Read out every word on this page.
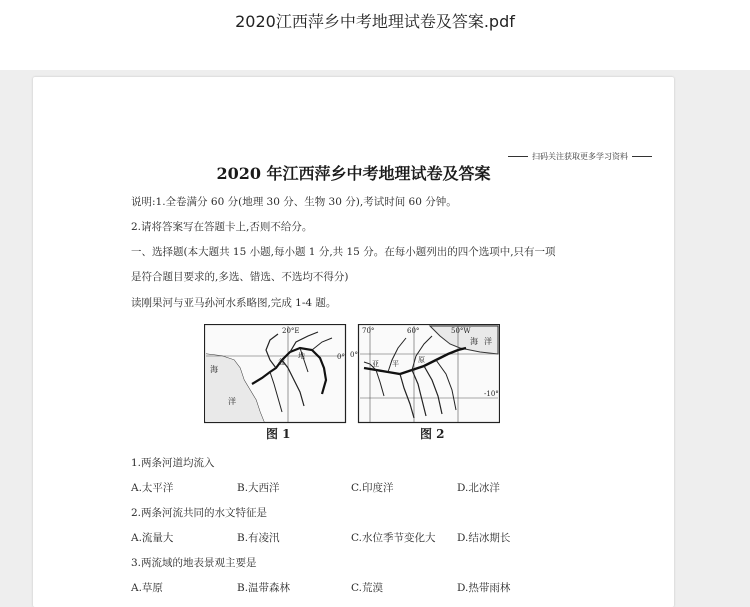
2020江西萍乡中考地理试卷及答案.pdf
扫码关注获取更多学习资料
2020 年江西萍乡中考地理试卷及答案
说明:1.全卷满分 60 分(地理 30 分、生物 30 分),考试时间 60 分钟。
2.请将答案写在答题卡上,否则不给分。
一、选择题(本大题共 15 小题,每小题 1 分,共 15 分。在每小题列出的四个选项中,只有一项
是符合题目要求的,多选、错选、不选均不得分)
读刚果河与亚马孙河水系略图,完成 1-4 题。
20°E
0°
海
洋
盆
地
70°	60°	50°W
0°
-10°
海 洋
亚 平	原
图 1	图 2
1.两条河道均流入
A.太平洋	B.大西洋	C.印度洋	D.北冰洋
2.两条河流共同的水文特征是
A.流量大	B.有凌汛	C.水位季节变化大 D.结冰期长
3.两流域的地表景观主要是
A.草原	B.温带森林	C.荒漠	D.热带雨林
